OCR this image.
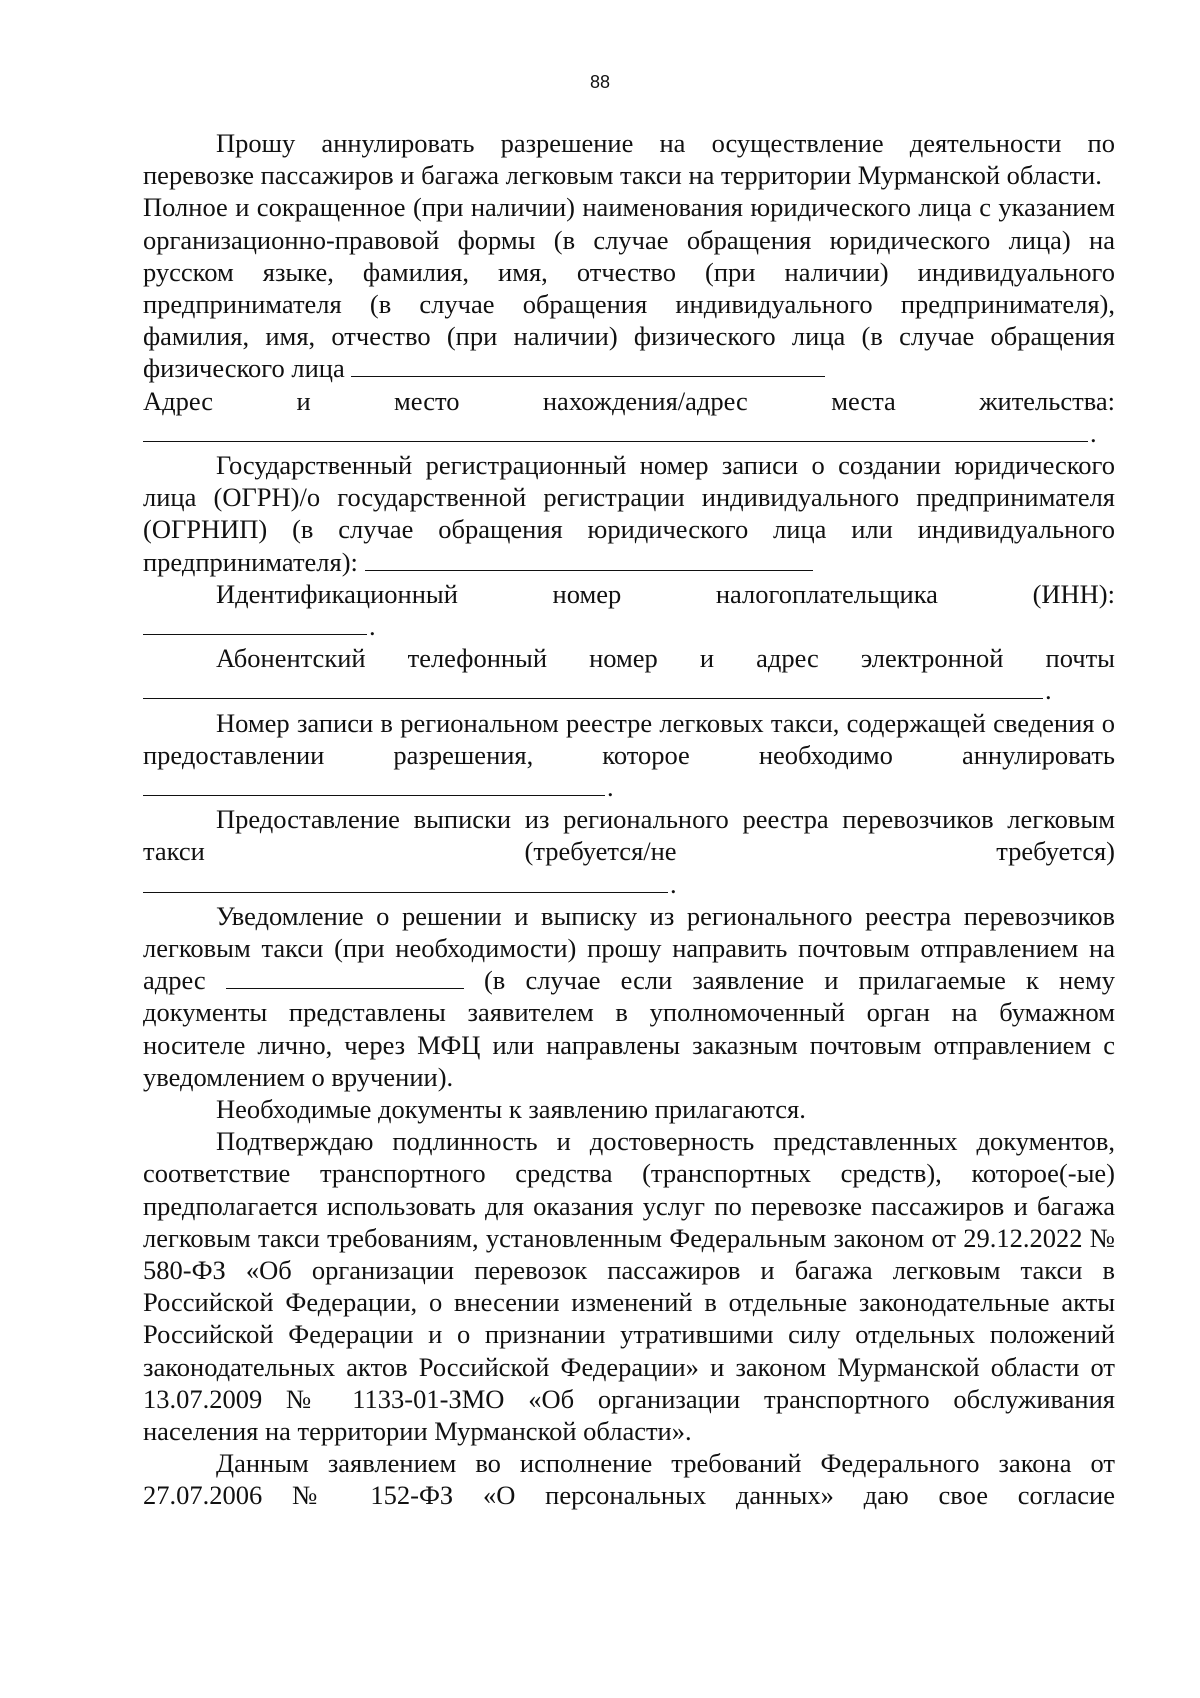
88

Прошу аннулировать разрешение на осуществление деятельности по перевозке пассажиров и багажа легковым такси на территории Мурманской области.

Полное и сокращенное (при наличии) наименования юридического лица с указанием организационно-правовой формы (в случае обращения юридического лица) на русском языке, фамилия, имя, отчество (при наличии) индивидуального предпринимателя (в случае обращения индивидуального предпринимателя), фамилия, имя, отчество (при наличии) физического лица (в случае обращения физического лица

Адрес и место нахождения/адрес места жительства:

.

Государственный регистрационный номер записи о создании юридического лица (ОГРН)/о государственной регистрации индивидуального предпринимателя (ОГРНИП) (в случае обращения юридического лица или индивидуального предпринимателя):

Идентификационный номер налогоплательщика (ИНН):

.

Абонентский телефонный номер и адрес электронной почты

.

Номер записи в региональном реестре легковых такси, содержащей сведения о предоставлении разрешения, которое необходимо аннулировать

.

Предоставление выписки из регионального реестра перевозчиков легковым такси (требуется/не требуется)

.

Уведомление о решении и выписку из регионального реестра перевозчиков легковым такси (при необходимости) прошу направить почтовым отправлением на адрес	(в случае если заявление и прилагаемые к нему документы представлены заявителем в уполномоченный орган на бумажном носителе лично, через МФЦ или направлены заказным почтовым отправлением с уведомлением о вручении).

Необходимые документы к заявлению прилагаются.

Подтверждаю подлинность и достоверность представленных документов, соответствие транспортного средства (транспортных средств), которое(-ые) предполагается использовать для оказания услуг по перевозке пассажиров и багажа легковым такси требованиям, установленным Федеральным законом от 29.12.2022 № 580-ФЗ «Об организации перевозок пассажиров и багажа легковым такси в Российской Федерации, о внесении изменений в отдельные законодательные акты Российской Федерации и о признании утратившими силу отдельных положений законодательных актов Российской Федерации» и законом Мурманской области от 13.07.2009 № 1133-01-ЗМО «Об организации транспортного обслуживания населения на территории Мурманской области».

Данным заявлением во исполнение требований Федерального закона от 27.07.2006 № 152-ФЗ «О персональных данных» даю свое согласие
